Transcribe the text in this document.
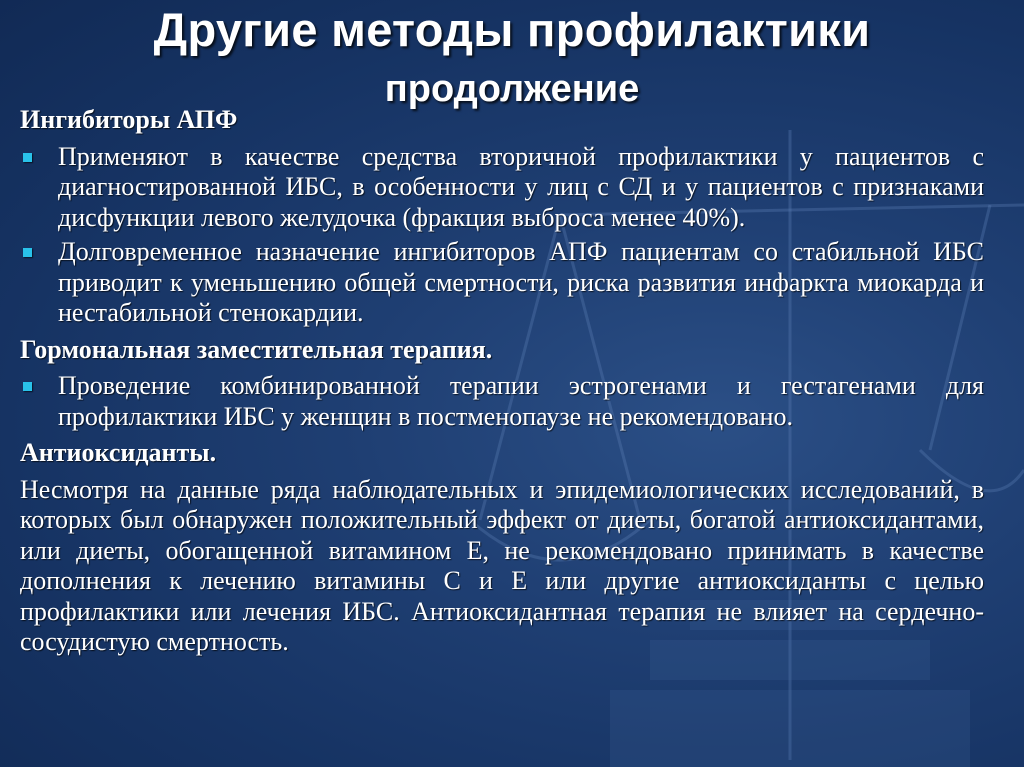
Другие методы профилактики
продолжение
Ингибиторы АПФ
Применяют в качестве средства вторичной профилактики у пациентов с диагностированной ИБС, в особенности у лиц с СД и у пациентов с признаками дисфункции левого желудочка (фракция выброса менее 40%).
Долговременное назначение ингибиторов АПФ пациентам со стабильной ИБС приводит к уменьшению общей смертности, риска развития инфаркта миокарда и нестабильной стенокардии.
Гормональная заместительная терапия.
Проведение комбинированной терапии эстрогенами и гестагенами для профилактики ИБС у женщин в постменопаузе не рекомендовано.
Антиоксиданты.
Несмотря на данные ряда наблюдательных и эпидемиологических исследований, в которых был обнаружен положительный эффект от диеты, богатой антиоксидантами, или диеты, обогащенной витамином Е, не рекомендовано принимать в качестве дополнения к лечению витамины С и Е или другие антиоксиданты с целью профилактики или лечения ИБС. Антиоксидантная терапия не влияет на сердечно-сосудистую смертность.
